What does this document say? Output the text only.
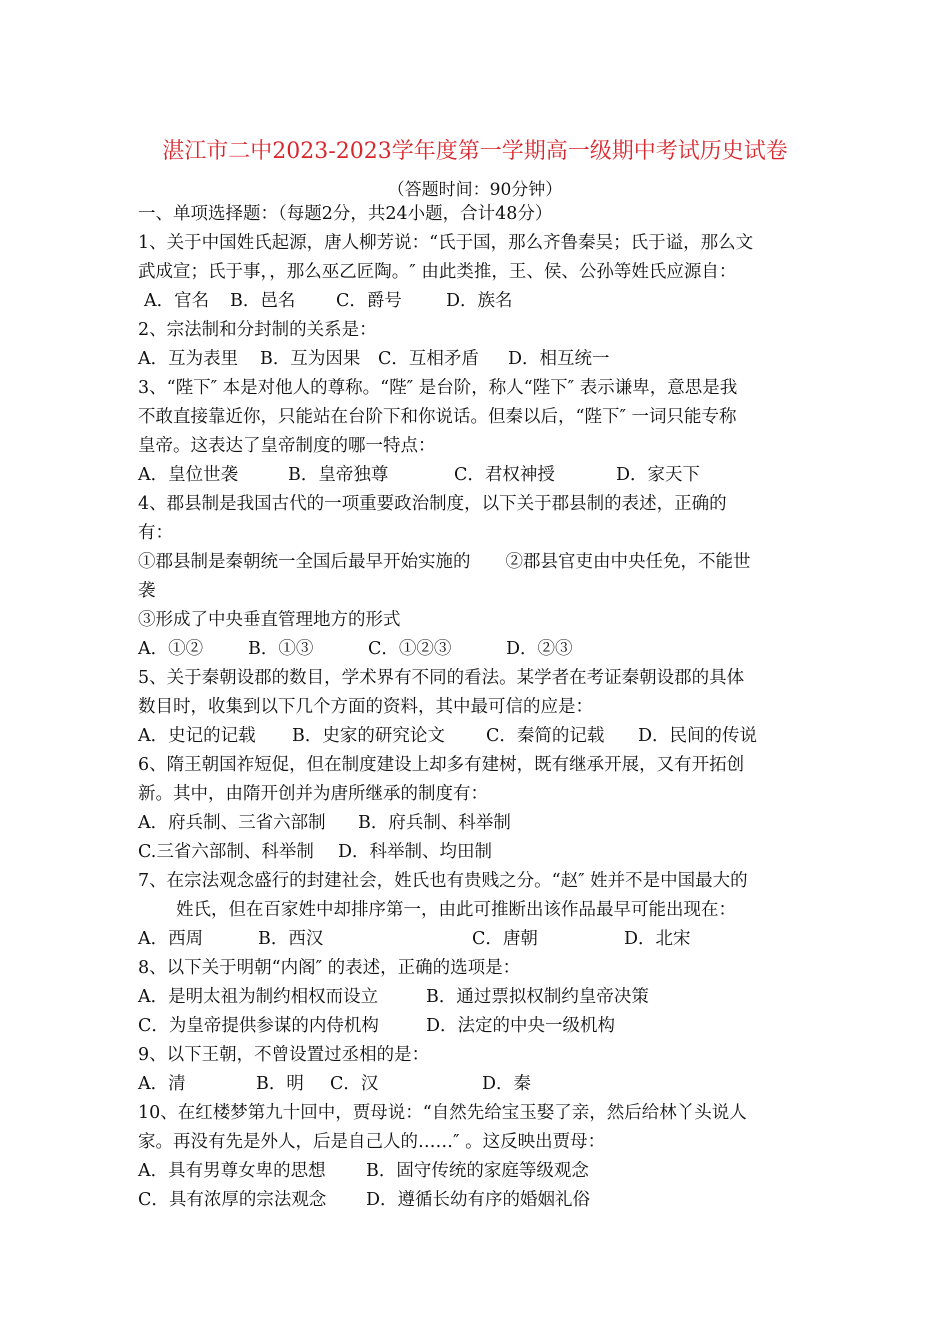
湛江市二中2023-2023学年度第一学期高一级期中考试历史试卷
（答题时间：90分钟）
一、单项选择题：（每题2分，共24小题，合计48分）
1、关于中国姓氏起源，唐人柳芳说：“氏于国，那么齐鲁秦吴；氏于谥，那么文
武成宣；氏于事，，那么巫乙匠陶。″ 由此类推，王、侯、公孙等姓氏应源自：
A．官名	B．邑名	C．爵号	D．族名
2、宗法制和分封制的关系是：
A．互为表里	B．互为因果	C．互相矛盾	D．相互统一
3、“陛下″ 本是对他人的尊称。“陛″ 是台阶，称人“陛下″ 表示谦卑，意思是我
不敢直接靠近你，只能站在台阶下和你说话。但秦以后，“陛下″ 一词只能专称
皇帝。这表达了皇帝制度的哪一特点：
A．皇位世袭	B．皇帝独尊	C．君权神授	D．家天下
4、郡县制是我国古代的一项重要政治制度，以下关于郡县制的表述，正确的
有：
①郡县制是秦朝统一全国后最早开始实施的　　②郡县官吏由中央任免，不能世
袭
③形成了中央垂直管理地方的形式
A．①②	B．①③	C．①②③	D．②③
5、关于秦朝设郡的数目，学术界有不同的看法。某学者在考证秦朝设郡的具体
数目时，收集到以下几个方面的资料，其中最可信的应是：
A．史记的记载	B．史家的研究论文	C．秦简的记载	D．民间的传说
6、隋王朝国祚短促，但在制度建设上却多有建树，既有继承开展，又有开拓创
新。其中，由隋开创并为唐所继承的制度有：
A．府兵制、三省六部制	B．府兵制、科举制
C.三省六部制、科举制	D．科举制、均田制
7、在宗法观念盛行的封建社会，姓氏也有贵贱之分。“赵″ 姓并不是中国最大的
姓氏，但在百家姓中却排序第一，由此可推断出该作品最早可能出现在：
A．西周	B．西汉	C．唐朝	D．北宋
8、以下关于明朝“内阁″ 的表述，正确的选项是：
A．是明太祖为制约相权而设立	B．通过票拟权制约皇帝决策
C．为皇帝提供参谋的内侍机构	D．法定的中央一级机构
9、以下王朝，不曾设置过丞相的是：
A．清	B．明	C．汉	D．秦
10、在红楼梦第九十回中，贾母说：“自然先给宝玉娶了亲，然后给林丫头说人
家。再没有先是外人，后是自己人的……″ 。这反映出贾母：
A．具有男尊女卑的思想	B．固守传统的家庭等级观念
C．具有浓厚的宗法观念	D．遵循长幼有序的婚姻礼俗
